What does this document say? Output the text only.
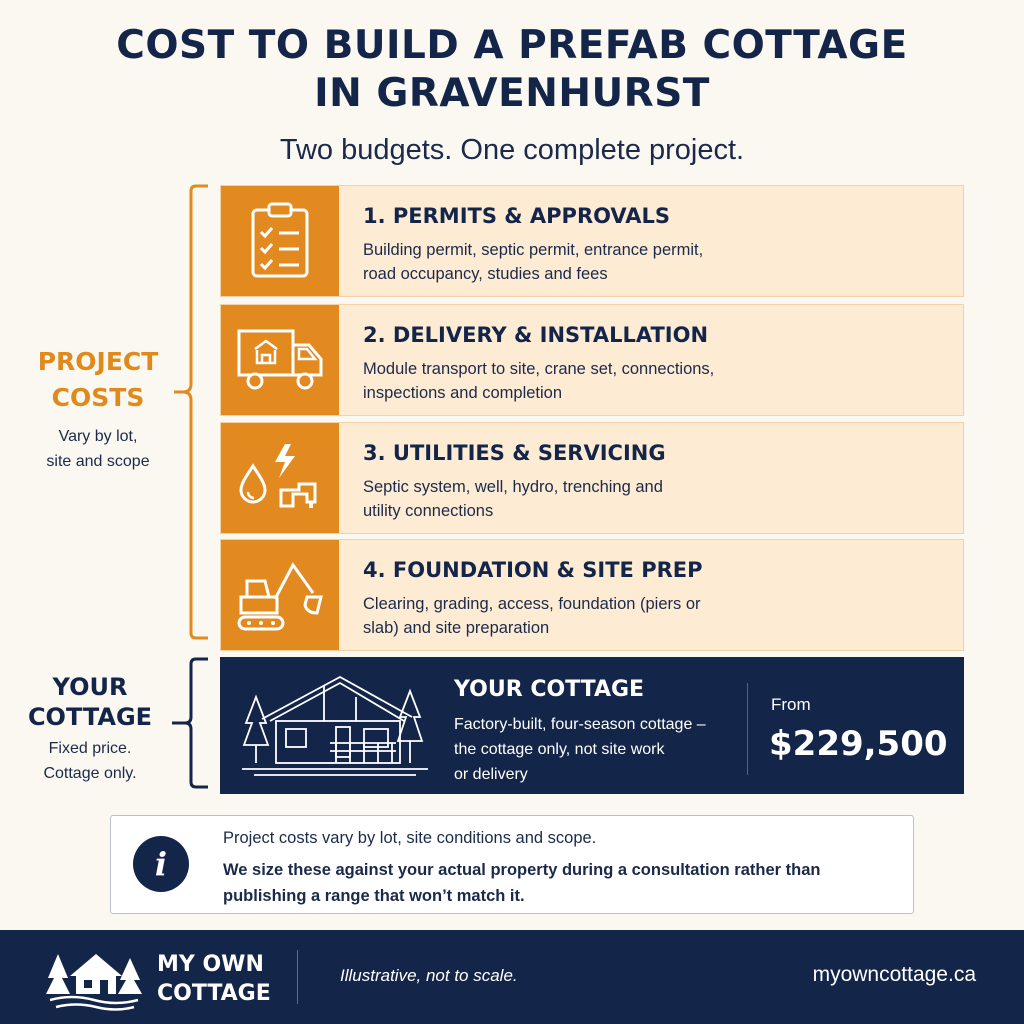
COST TO BUILD A PREFAB COTTAGE
IN GRAVENHURST
Two budgets. One complete project.
PROJECT
COSTS
Vary by lot,
site and scope
1. PERMITS & APPROVALS
Building permit, septic permit, entrance permit,
road occupancy, studies and fees
2. DELIVERY & INSTALLATION
Module transport to site, crane set, connections,
inspections and completion
3. UTILITIES & SERVICING
Septic system, well, hydro, trenching and
utility connections
4. FOUNDATION & SITE PREP
Clearing, grading, access, foundation (piers or
slab) and site preparation
YOUR
COTTAGE
Fixed price.
Cottage only.
YOUR COTTAGE
Factory-built, four-season cottage –
the cottage only, not site work
or delivery
From
$229,500
i
Project costs vary by lot, site conditions and scope.
We size these against your actual property during a consultation rather than publishing a range that won’t match it.
MY OWN
COTTAGE
Illustrative, not to scale.	myowncottage.ca
